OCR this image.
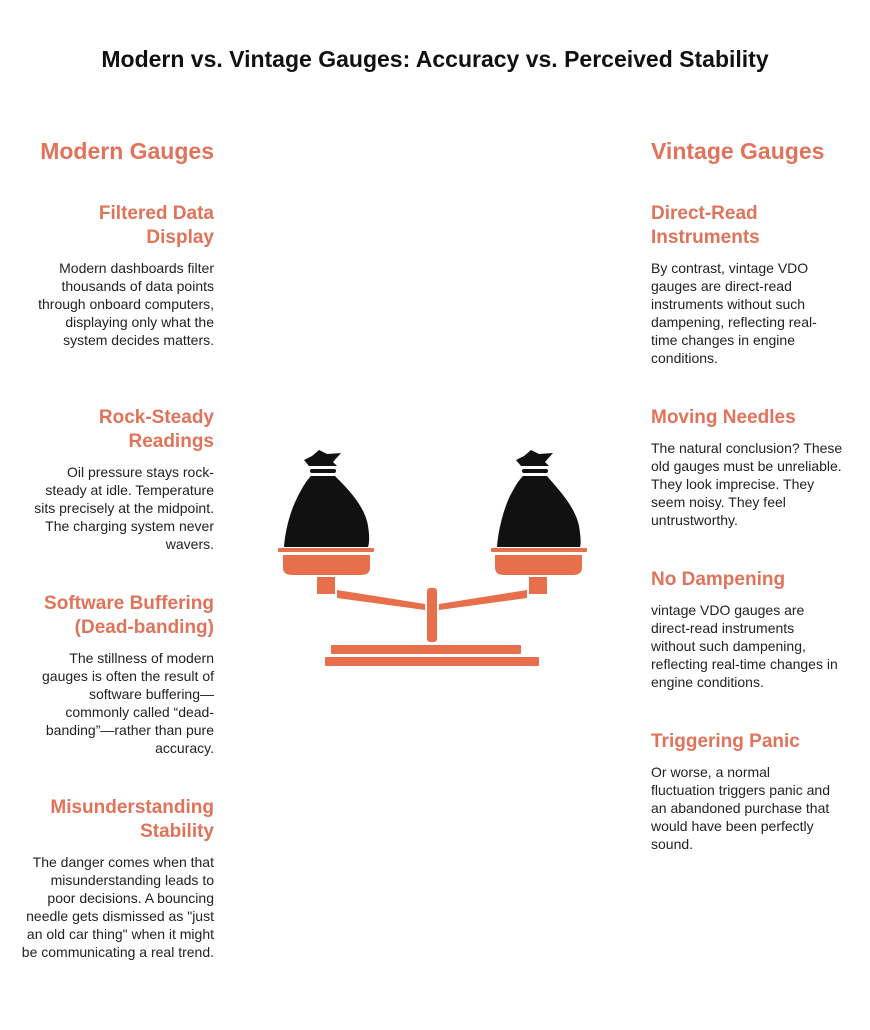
Modern vs. Vintage Gauges: Accuracy vs. Perceived Stability
Modern Gauges

Filtered Data Display

Modern dashboards filter thousands of data points through onboard computers, displaying only what the system decides matters.

Rock-Steady Readings

Oil pressure stays rock-steady at idle. Temperature sits precisely at the midpoint. The charging system never wavers.

Software Buffering (Dead-banding)

The stillness of modern gauges is often the result of software buffering—commonly called “dead-banding”—rather than pure accuracy.

Misunderstanding Stability

The danger comes when that misunderstanding leads to poor decisions. A bouncing needle gets dismissed as "just an old car thing" when it might be communicating a real trend.

Vintage Gauges

Direct-Read Instruments

By contrast, vintage VDO gauges are direct-read instruments without such dampening, reflecting real-time changes in engine conditions.

Moving Needles

The natural conclusion? These old gauges must be unreliable. They look imprecise. They seem noisy. They feel untrustworthy.

No Dampening

vintage VDO gauges are direct-read instruments without such dampening, reflecting real-time changes in engine conditions.

Triggering Panic

Or worse, a normal fluctuation triggers panic and an abandoned purchase that would have been perfectly sound.
